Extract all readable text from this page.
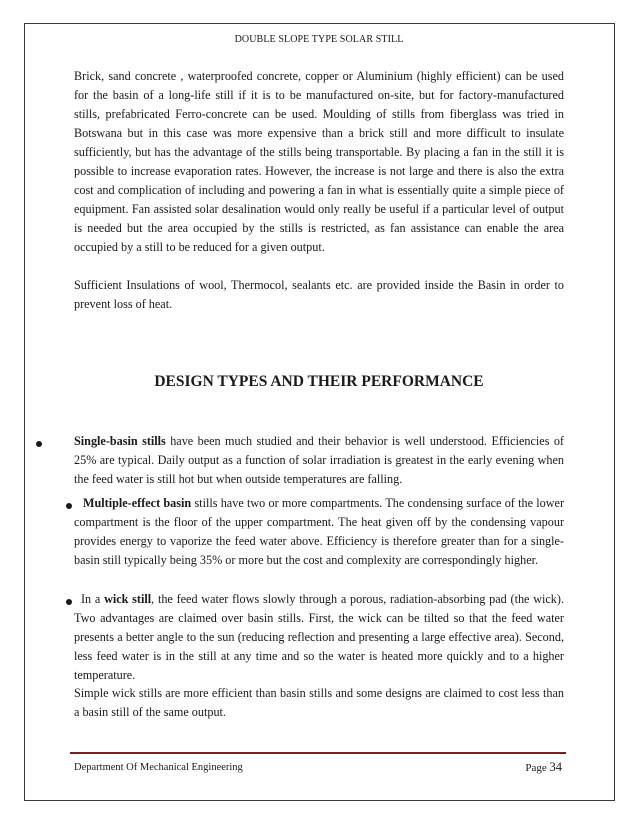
DOUBLE SLOPE TYPE SOLAR STILL

Brick, sand concrete , waterproofed concrete, copper or Aluminium (highly efficient) can be used for the basin of a long-life still if it is to be manufactured on-site, but for factory-manufactured stills, prefabricated Ferro-concrete can be used. Moulding of stills from fiberglass was tried in Botswana but in this case was more expensive than a brick still and more difficult to insulate sufficiently, but has the advantage of the stills being transportable. By placing a fan in the still it is possible to increase evaporation rates. However, the increase is not large and there is also the extra cost and complication of including and powering a fan in what is essentially quite a simple piece of equipment. Fan assisted solar desalination would only really be useful if a particular level of output is needed but the area occupied by the stills is restricted, as fan assistance can enable the area occupied by a still to be reduced for a given output.

Sufficient Insulations of wool, Thermocol, sealants etc. are provided inside the Basin in order to prevent loss of heat.

DESIGN TYPES AND THEIR PERFORMANCE

Single-basin stills have been much studied and their behavior is well understood. Efficiencies of 25% are typical. Daily output as a function of solar irradiation is greatest in the early evening when the feed water is still hot but when outside temperatures are falling.

Multiple-effect basin stills have two or more compartments. The condensing surface of the lower compartment is the floor of the upper compartment. The heat given off by the condensing vapour provides energy to vaporize the feed water above. Efficiency is therefore greater than for a single-basin still typically being 35% or more but the cost and complexity are correspondingly higher.

In a wick still, the feed water flows slowly through a porous, radiation-absorbing pad (the wick). Two advantages are claimed over basin stills. First, the wick can be tilted so that the feed water presents a better angle to the sun (reducing reflection and presenting a large effective area). Second, less feed water is in the still at any time and so the water is heated more quickly and to a higher temperature.

Simple wick stills are more efficient than basin stills and some designs are claimed to cost less than a basin still of the same output.

Department Of Mechanical Engineering	Page 34
